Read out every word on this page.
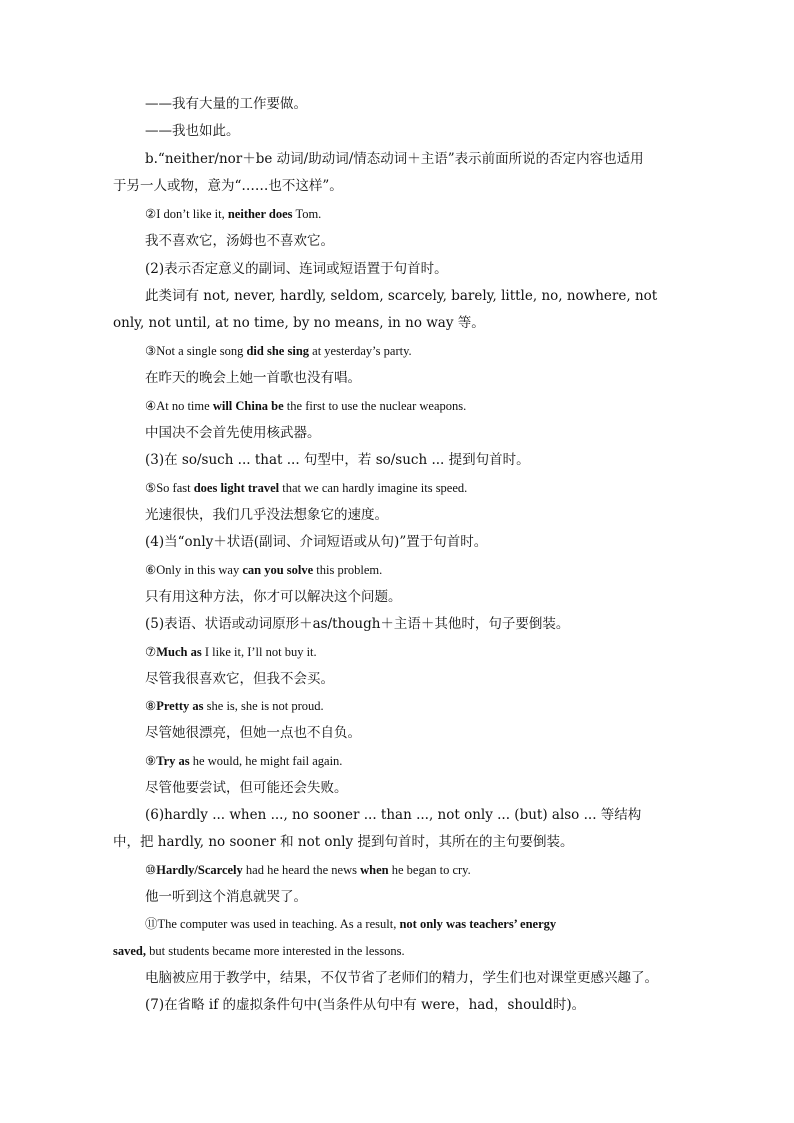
——我有大量的工作要做。
——我也如此。
b.“neither/nor＋be 动词/助动词/情态动词＋主语”表示前面所说的否定内容也适用
于另一人或物，意为“……也不这样”。
②I don’t like it, neither does Tom.
我不喜欢它，汤姆也不喜欢它。
(2)表示否定意义的副词、连词或短语置于句首时。
此类词有 not, never, hardly, seldom, scarcely, barely, little, no, nowhere, not
only, not until, at no time, by no means, in no way 等。
③Not a single song did she sing at yesterday’s party.
在昨天的晚会上她一首歌也没有唱。
④At no time will China be the first to use the nuclear weapons.
中国决不会首先使用核武器。
(3)在 so/such ... that ... 句型中，若 so/such ... 提到句首时。
⑤So fast does light travel that we can hardly imagine its speed.
光速很快，我们几乎没法想象它的速度。
(4)当“only＋状语(副词、介词短语或从句)”置于句首时。
⑥Only in this way can you solve this problem.
只有用这种方法，你才可以解决这个问题。
(5)表语、状语或动词原形＋as/though＋主语＋其他时，句子要倒装。
⑦Much as I like it, I’ll not buy it.
尽管我很喜欢它，但我不会买。
⑧Pretty as she is, she is not proud.
尽管她很漂亮，但她一点也不自负。
⑨Try as he would, he might fail again.
尽管他要尝试，但可能还会失败。
(6)hardly ... when ..., no sooner ... than ..., not only ... (but) also ... 等结构
中，把 hardly, no sooner 和 not only 提到句首时，其所在的主句要倒装。
⑩Hardly/Scarcely had he heard the news when he began to cry.
他一听到这个消息就哭了。
⑪The computer was used in teaching. As a result, not only was teachers’ energy
saved, but students became more interested in the lessons.
电脑被应用于教学中，结果，不仅节省了老师们的精力，学生们也对课堂更感兴趣了。
(7)在省略 if 的虚拟条件句中(当条件从句中有 were，had，should时)。
